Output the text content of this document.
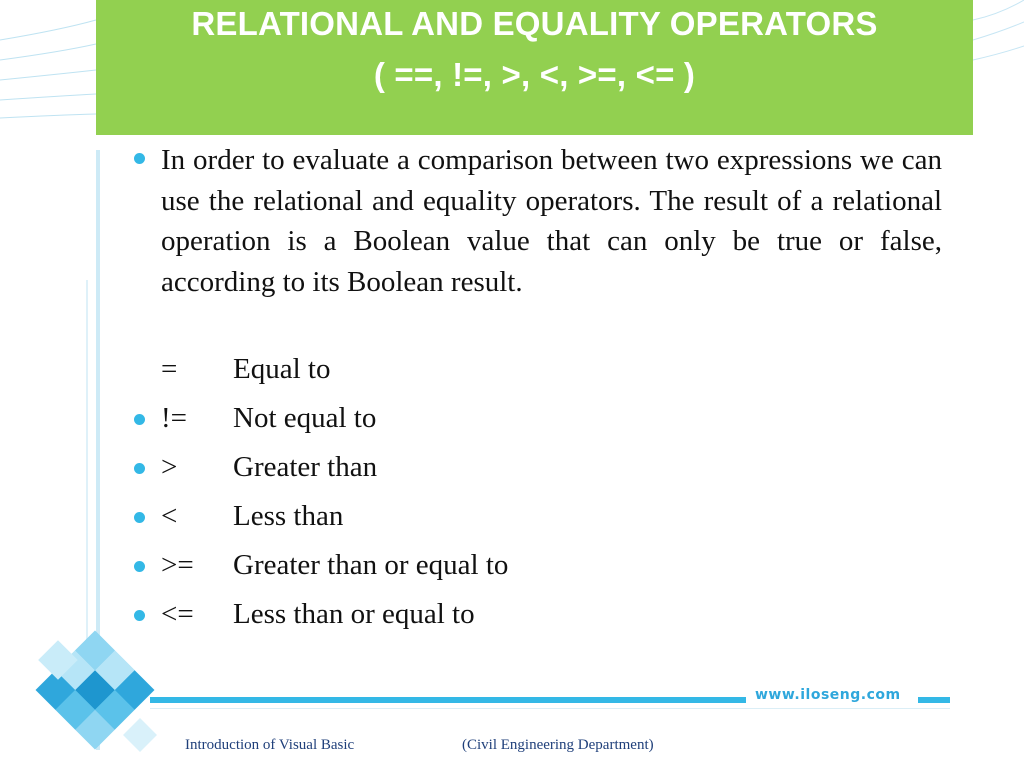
RELATIONAL AND EQUALITY OPERATORS
( ==, !=, >, <, >=, <= )
In order to evaluate a comparison between two expressions we can use the relational and equality operators. The result of a relational operation is a Boolean value that can only be true or false, according to its Boolean result.
= Equal to
!= Not equal to
> Greater than
< Less than
>= Greater than or equal to
<= Less than or equal to
www.iloseng.com
Introduction of Visual Basic	(Civil Engineering Department)
